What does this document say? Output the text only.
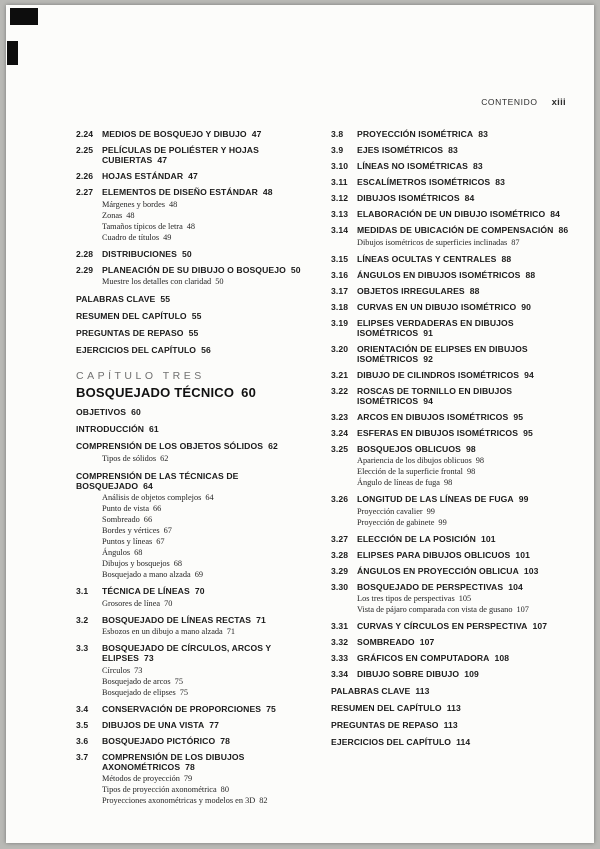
CONTENIDO xiii
2.24	MEDIOS DE BOSQUEJO Y DIBUJO 47
2.25	PELÍCULAS DE POLIÉSTER Y HOJAS CUBIERTAS 47
2.26	HOJAS ESTÁNDAR 47
2.27	ELEMENTOS DE DISEÑO ESTÁNDAR 48
Márgenes y bordes 48
Zonas 48
Tamaños típicos de letra 48
Cuadro de títulos 49
2.28	DISTRIBUCIONES 50
2.29	PLANEACIÓN DE SU DIBUJO O BOSQUEJO 50
Muestre los detalles con claridad 50
PALABRAS CLAVE 55
RESUMEN DEL CAPÍTULO 55
PREGUNTAS DE REPASO 55
EJERCICIOS DEL CAPÍTULO 56
CAPÍTULO TRES
BOSQUEJADO TÉCNICO 60
OBJETIVOS 60
INTRODUCCIÓN 61
COMPRENSIÓN DE LOS OBJETOS SÓLIDOS 62
Tipos de sólidos 62
COMPRENSIÓN DE LAS TÉCNICAS DE BOSQUEJADO 64
Análisis de objetos complejos 64
Punto de vista 66
Sombreado 66
Bordes y vértices 67
Puntos y líneas 67
Ángulos 68
Dibujos y bosquejos 68
Bosquejado a mano alzada 69
3.1	TÉCNICA DE LÍNEAS 70
Grosores de línea 70
3.2	BOSQUEJADO DE LÍNEAS RECTAS 71
Esbozos en un dibujo a mano alzada 71
3.3	BOSQUEJADO DE CÍRCULOS, ARCOS Y ELIPSES 73
Círculos 73
Bosquejado de arcos 75
Bosquejado de elipses 75
3.4	CONSERVACIÓN DE PROPORCIONES 75
3.5	DIBUJOS DE UNA VISTA 77
3.6	BOSQUEJADO PICTÓRICO 78
3.7	COMPRENSIÓN DE LOS DIBUJOS AXONOMÉTRICOS 78
Métodos de proyección 79
Tipos de proyección axonométrica 80
Proyecciones axonométricas y modelos en 3D 82
3.8	PROYECCIÓN ISOMÉTRICA 83
3.9	EJES ISOMÉTRICOS 83
3.10	LÍNEAS NO ISOMÉTRICAS 83
3.11	ESCALÍMETROS ISOMÉTRICOS 83
3.12	DIBUJOS ISOMÉTRICOS 84
3.13	ELABORACIÓN DE UN DIBUJO ISOMÉTRICO 84
3.14	MEDIDAS DE UBICACIÓN DE COMPENSACIÓN 86
Dibujos isométricos de superficies inclinadas 87
3.15	LÍNEAS OCULTAS Y CENTRALES 88
3.16	ÁNGULOS EN DIBUJOS ISOMÉTRICOS 88
3.17	OBJETOS IRREGULARES 88
3.18	CURVAS EN UN DIBUJO ISOMÉTRICO 90
3.19	ELIPSES VERDADERAS EN DIBUJOS ISOMÉTRICOS 91
3.20	ORIENTACIÓN DE ELIPSES EN DIBUJOS ISOMÉTRICOS 92
3.21	DIBUJO DE CILINDROS ISOMÉTRICOS 94
3.22	ROSCAS DE TORNILLO EN DIBUJOS ISOMÉTRICOS 94
3.23	ARCOS EN DIBUJOS ISOMÉTRICOS 95
3.24	ESFERAS EN DIBUJOS ISOMÉTRICOS 95
3.25	BOSQUEJOS OBLICUOS 98
Apariencia de los dibujos oblicuos 98
Elección de la superficie frontal 98
Ángulo de líneas de fuga 98
3.26	LONGITUD DE LAS LÍNEAS DE FUGA 99
Proyección cavalier 99
Proyección de gabinete 99
3.27	ELECCIÓN DE LA POSICIÓN 101
3.28	ELIPSES PARA DIBUJOS OBLICUOS 101
3.29	ÁNGULOS EN PROYECCIÓN OBLICUA 103
3.30	BOSQUEJADO DE PERSPECTIVAS 104
Los tres tipos de perspectivas 105
Vista de pájaro comparada con vista de gusano 107
3.31	CURVAS Y CÍRCULOS EN PERSPECTIVA 107
3.32	SOMBREADO 107
3.33	GRÁFICOS EN COMPUTADORA 108
3.34	DIBUJO SOBRE DIBUJO 109
PALABRAS CLAVE 113
RESUMEN DEL CAPÍTULO 113
PREGUNTAS DE REPASO 113
EJERCICIOS DEL CAPÍTULO 114
